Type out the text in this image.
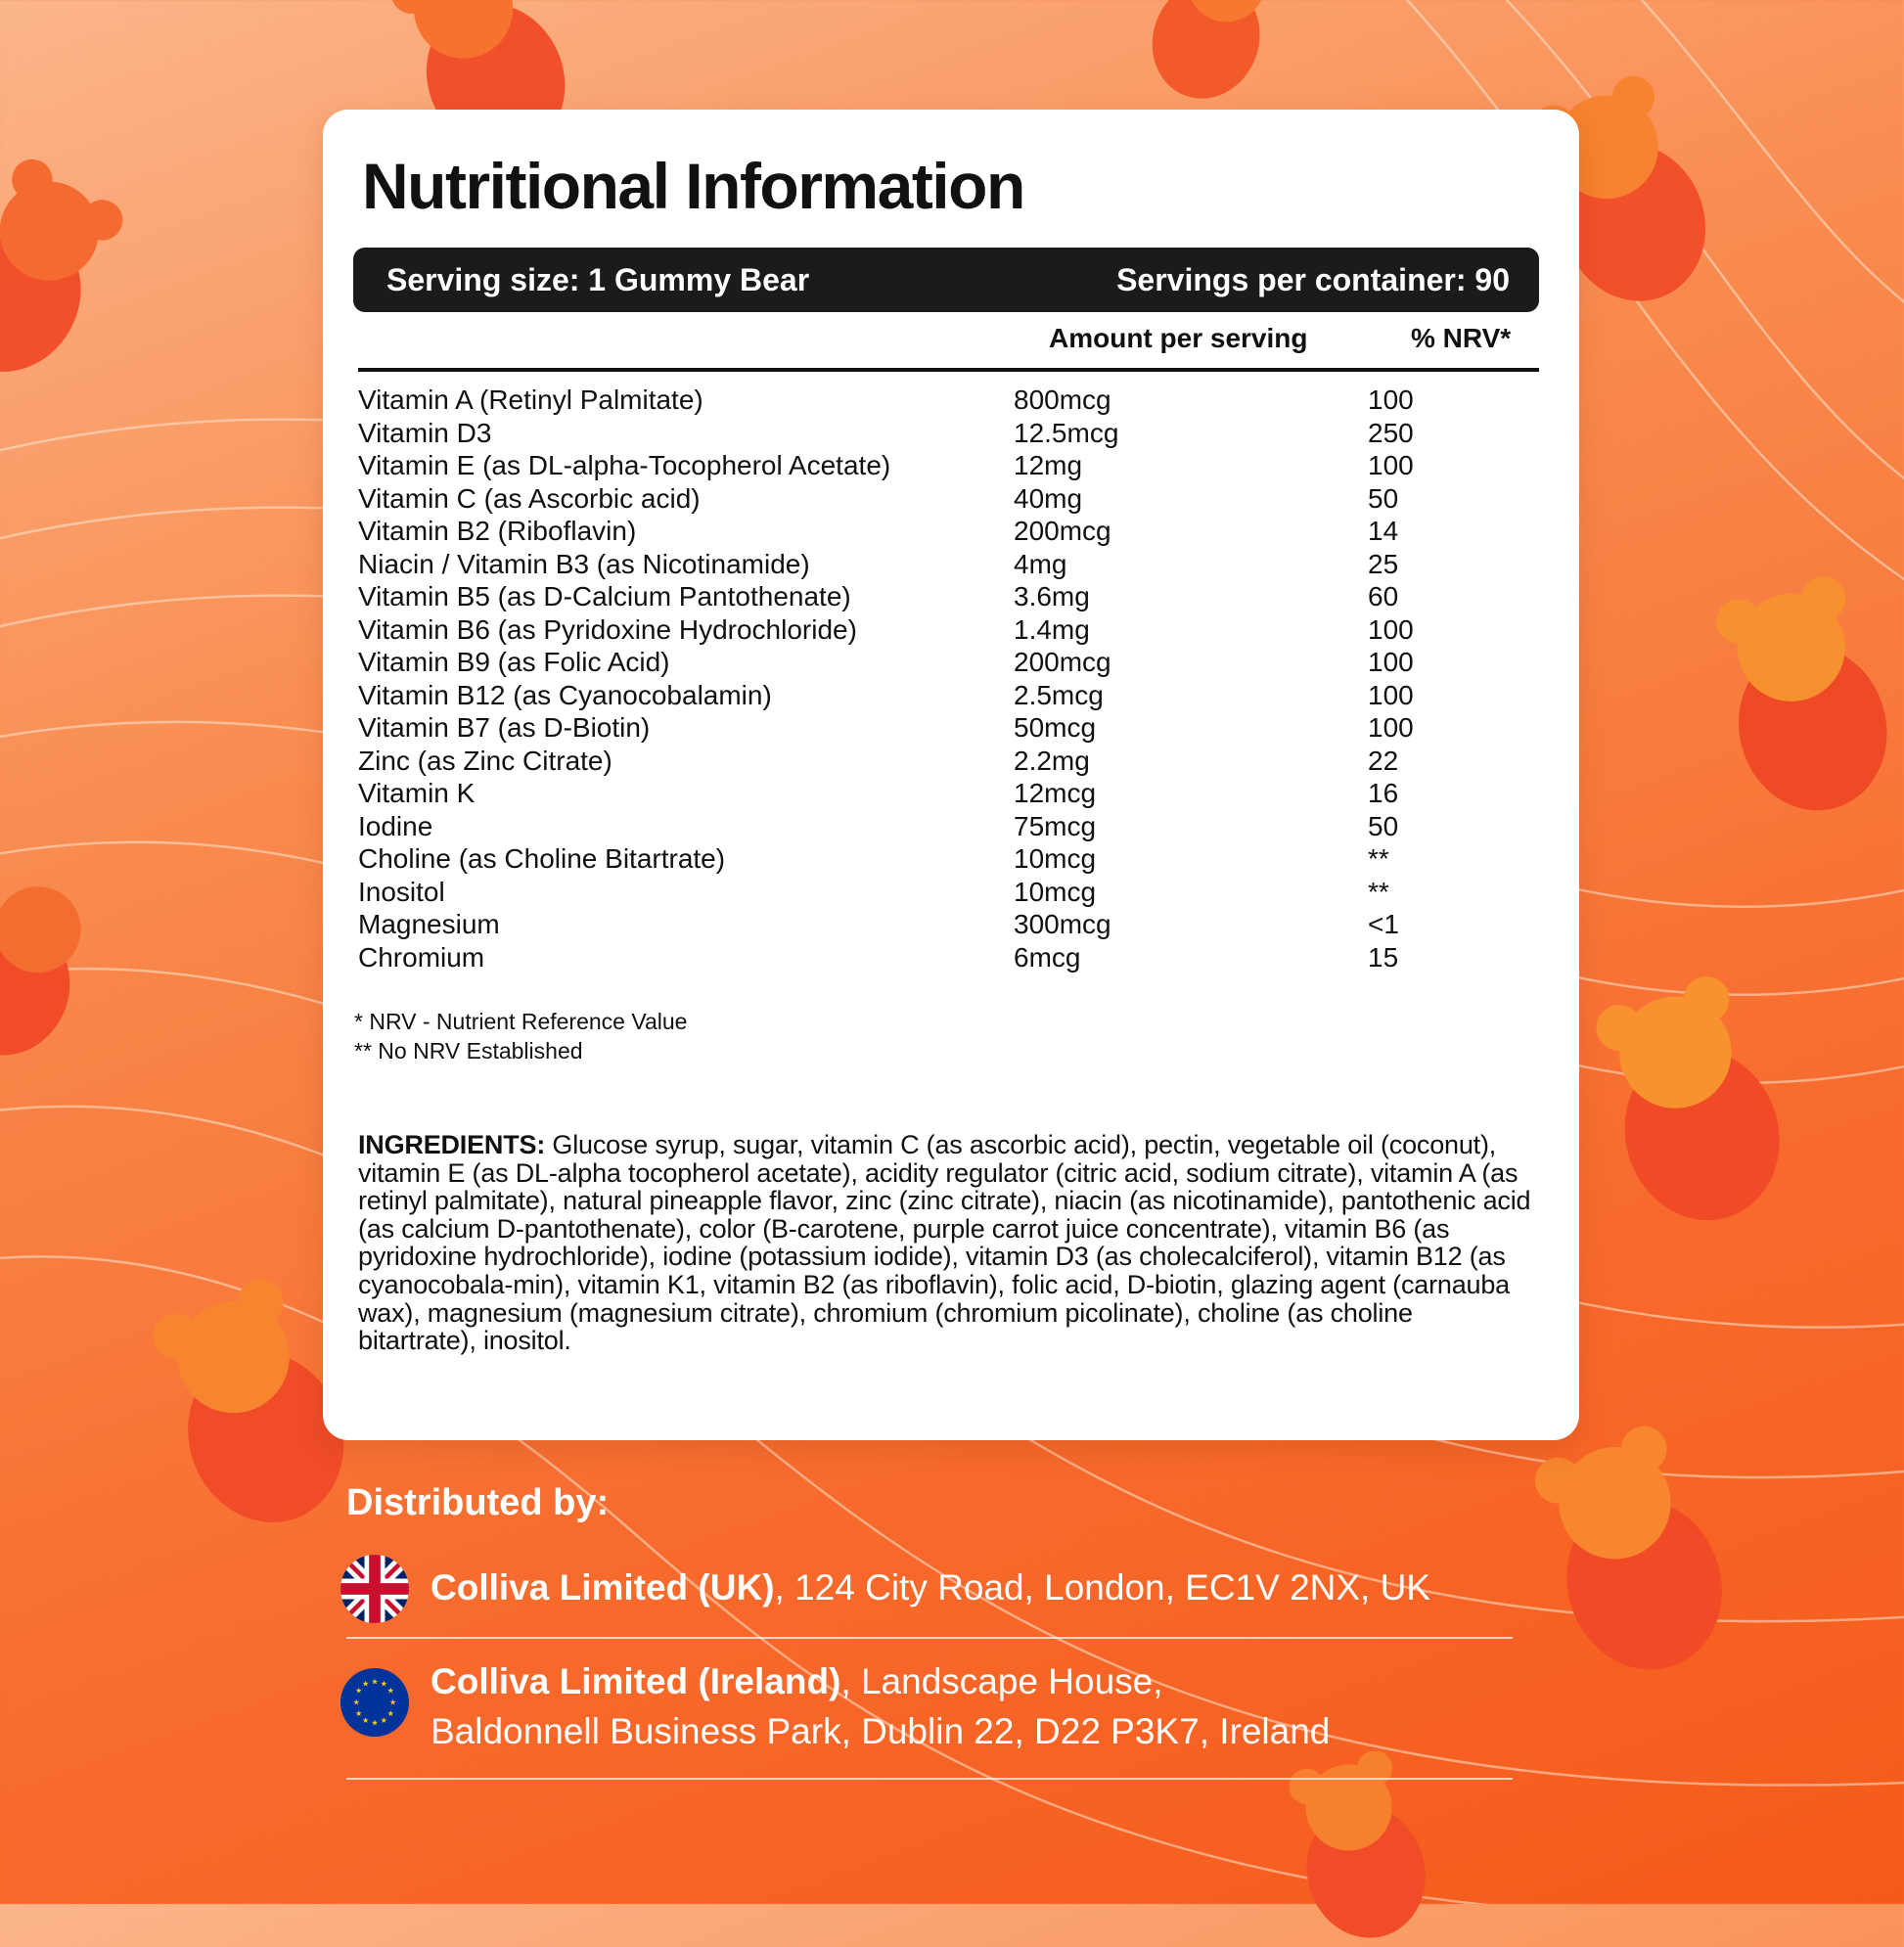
Nutritional Information
Serving size: 1 Gummy Bear	Servings per container: 90
Amount per serving	% NRV*
Vitamin A (Retinyl Palmitate)	800mcg	100
Vitamin D3	12.5mcg	250
Vitamin E (as DL-alpha-Tocopherol Acetate)	12mg	100
Vitamin C (as Ascorbic acid)	40mg	50
Vitamin B2 (Riboflavin)	200mcg	14
Niacin / Vitamin B3 (as Nicotinamide)	4mg	25
Vitamin B5 (as D-Calcium Pantothenate)	3.6mg	60
Vitamin B6 (as Pyridoxine Hydrochloride)	1.4mg	100
Vitamin B9 (as Folic Acid)	200mcg	100
Vitamin B12 (as Cyanocobalamin)	2.5mcg	100
Vitamin B7 (as D-Biotin)	50mcg	100
Zinc (as Zinc Citrate)	2.2mg	22
Vitamin K	12mcg	16
Iodine	75mcg	50
Choline (as Choline Bitartrate)	10mcg	**
Inositol	10mcg	**
Magnesium	300mcg	<1
Chromium	6mcg	15
* NRV - Nutrient Reference Value
** No NRV Established
INGREDIENTS: Glucose syrup, sugar, vitamin C (as ascorbic acid), pectin, vegetable oil (coconut), vitamin E (as DL-alpha tocopherol acetate), acidity regulator (citric acid, sodium citrate), vitamin A (as retinyl palmitate), natural pineapple flavor, zinc (zinc citrate), niacin (as nicotinamide), pantothenic acid (as calcium D-pantothenate), color (B-carotene, purple carrot juice concentrate), vitamin B6 (as pyridoxine hydrochloride), iodine (potassium iodide), vitamin D3 (as cholecalciferol), vitamin B12 (as cyanocobala-min), vitamin K1, vitamin B2 (as riboflavin), folic acid, D-biotin, glazing agent (carnauba wax), magnesium (magnesium citrate), chromium (chromium picolinate), choline (as choline bitartrate), inositol.
Distributed by:
Colliva Limited (UK), 124 City Road, London, EC1V 2NX, UK
★ ★
★
★
★
★
★
★
★
★
★
★ Colliva Limited (Ireland), Landscape House,
Baldonnell Business Park, Dublin 22, D22 P3K7, Ireland
